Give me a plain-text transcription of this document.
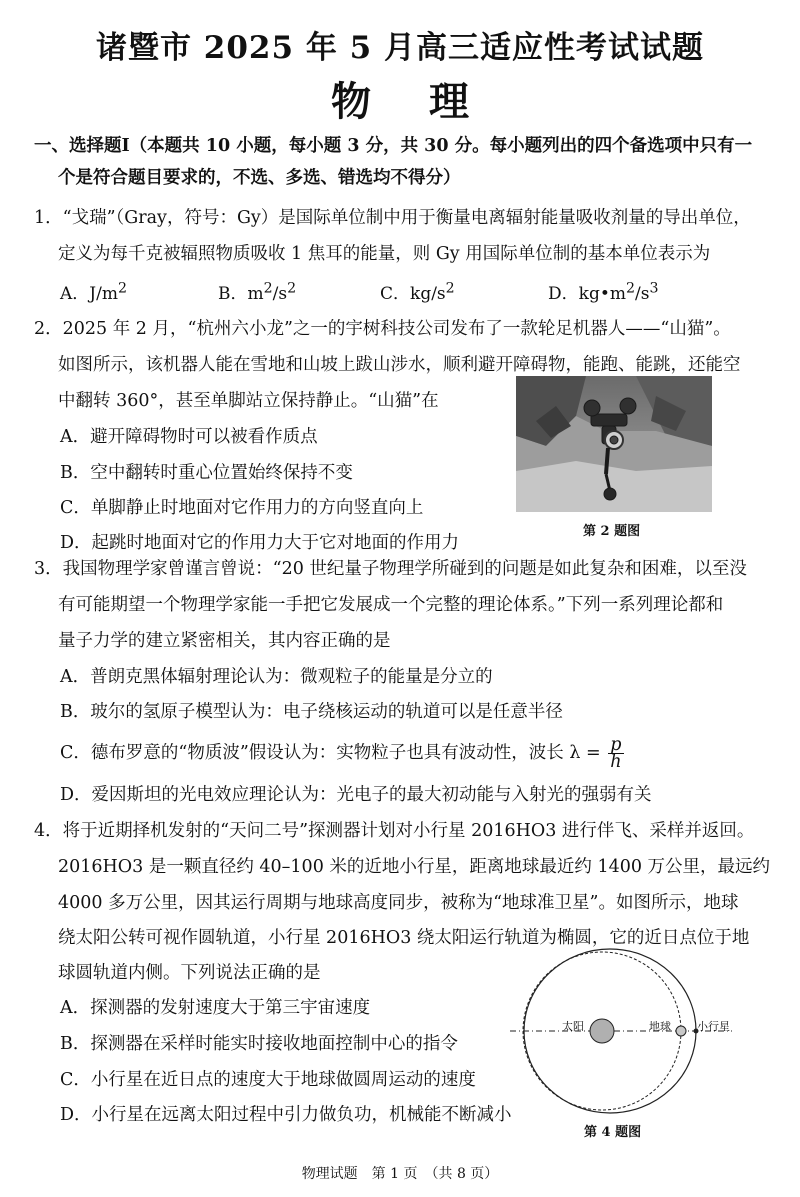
诸暨市 2025 年 5 月高三适应性考试试题
物 理
一、选择题Ⅰ（本题共 10 小题，每小题 3 分，共 30 分。每小题列出的四个备选项中只有一
个是符合题目要求的，不选、多选、错选均不得分）
1．“戈瑞”（Gray，符号：Gy）是国际单位制中用于衡量电离辐射能量吸收剂量的导出单位，
定义为每千克被辐照物质吸收 1 焦耳的能量，则 Gy 用国际单位制的基本单位表示为
A．$J/m^2$	B．$m^2/s^2$	C．$kg/s^2$	D．$kg•m^2/s^3$
2．2025 年 2 月，“杭州六小龙”之一的宇树科技公司发布了一款轮足机器人——“山猫”。
如图所示，该机器人能在雪地和山坡上跋山涉水，顺利避开障碍物，能跑、能跳，还能空
中翻转 360°，甚至单脚站立保持静止。“山猫”在
A．避开障碍物时可以被看作质点
B．空中翻转时重心位置始终保持不变
C．单脚静止时地面对它作用力的方向竖直向上
D．起跳时地面对它的作用力大于它对地面的作用力
第 2 题图
3．我国物理学家曾谨言曾说：“20 世纪量子物理学所碰到的问题是如此复杂和困难，以至没
有可能期望一个物理学家能一手把它发展成一个完整的理论体系。”下列一系列理论都和
量子力学的建立紧密相关，其内容正确的是
A．普朗克黑体辐射理论认为：微观粒子的能量是分立的
B．玻尔的氢原子模型认为：电子绕核运动的轨道可以是任意半径
C．德布罗意的“物质波”假设认为：实物粒子也具有波动性，波长 $\lambda = \frac{p}{h}$
D．爱因斯坦的光电效应理论认为：光电子的最大初动能与入射光的强弱有关
4．将于近期择机发射的“天问二号”探测器计划对小行星 2016HO3 进行伴飞、采样并返回。
2016HO3 是一颗直径约 40–100 米的近地小行星，距离地球最近约 1400 万公里，最远约
4000 多万公里，因其运行周期与地球高度同步，被称为“地球准卫星”。如图所示，地球
绕太阳公转可视作圆轨道，小行星 2016HO3 绕太阳运行轨道为椭圆，它的近日点位于地
球圆轨道内侧。下列说法正确的是
A．探测器的发射速度大于第三宇宙速度
B．探测器在采样时能实时接收地面控制中心的指令
C．小行星在近日点的速度大于地球做圆周运动的速度
D．小行星在远离太阳过程中引力做负功，机械能不断减小
太阳	地球 小行星
第 4 题图
物理试题　第 1 页　（共 8 页）
